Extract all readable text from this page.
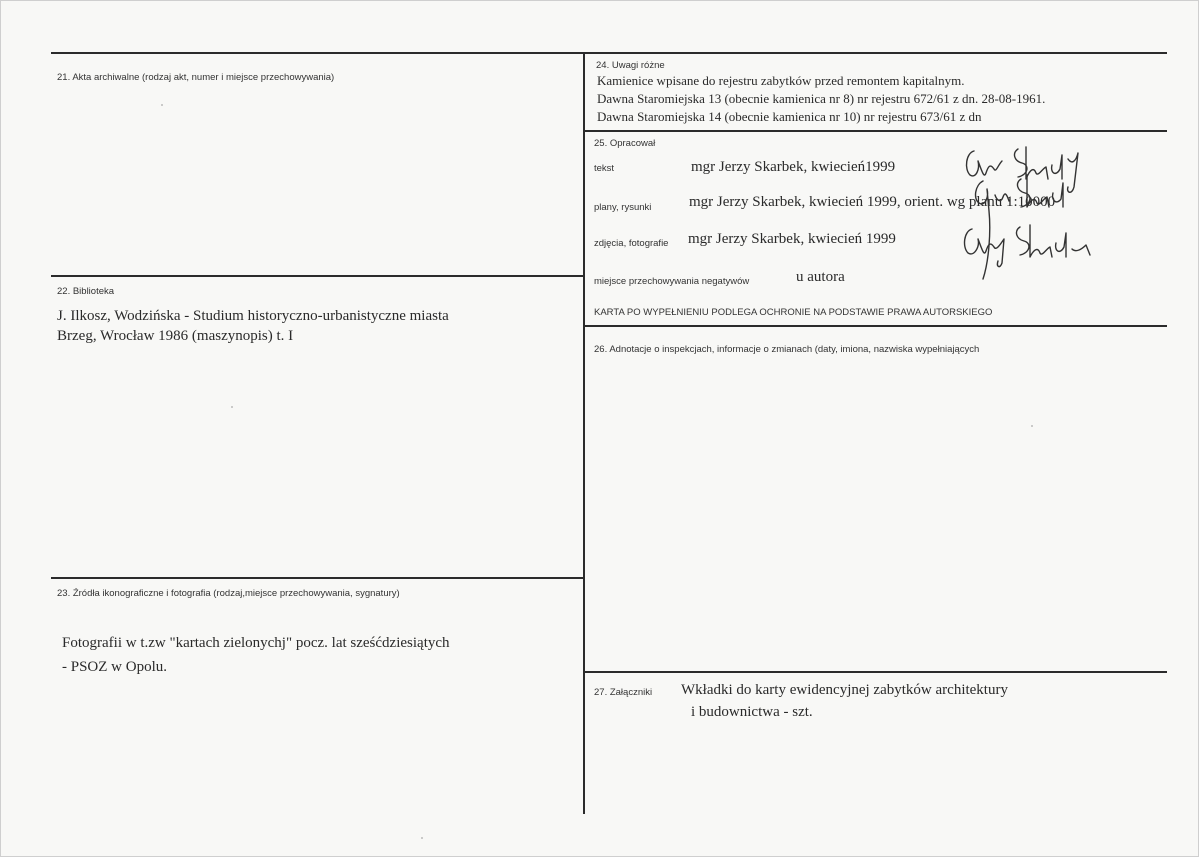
21. Akta archiwalne (rodzaj akt, numer i miejsce przechowywania)
22. Biblioteka
J. Ilkosz, Wodzińska - Studium historyczno-urbanistyczne miasta
Brzeg, Wrocław 1986 (maszynopis) t. I
23. Źródła ikonograficzne i fotografia (rodzaj,miejsce przechowywania, sygnatury)
Fotografii w t.zw "kartach zielonychj" pocz. lat sześćdziesiątych
- PSOZ w Opolu.
24. Uwagi różne
Kamienice wpisane do rejestru zabytków przed remontem kapitalnym.
Dawna Staromiejska 13 (obecnie kamienica nr 8) nr rejestru 672/61 z dn. 28-08-1961.
Dawna Staromiejska 14 (obecnie kamienica nr 10) nr rejestru 673/61 z dn
25. Opracował
tekst	mgr Jerzy Skarbek, kwiecień1999
plany, rysunki	mgr Jerzy Skarbek, kwiecień 1999, orient. wg planu 1:10000
zdjęcia, fotografie mgr Jerzy Skarbek, kwiecień 1999
miejsce przechowywania negatywów	u autora
KARTA PO WYPEŁNIENIU PODLEGA OCHRONIE NA PODSTAWIE PRAWA AUTORSKIEGO
26. Adnotacje o inspekcjach, informacje o zmianach (daty, imiona, nazwiska wypełniających
27. Załączniki Wkładki do karty ewidencyjnej zabytków architektury
i budownictwa - szt.
